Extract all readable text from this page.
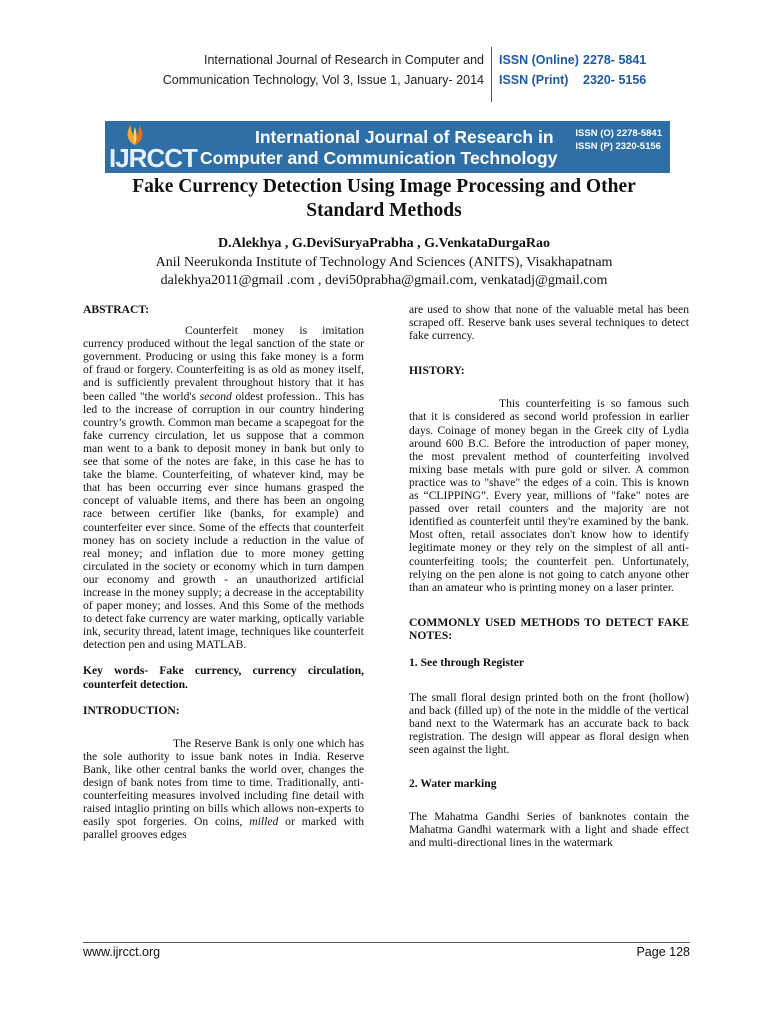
International Journal of Research in Computer and
Communication Technology, Vol 3, Issue 1, January- 2014
ISSN (Online) 2278- 5841
ISSN (Print) 2320- 5156
IJRCCT
International Journal of Research in
Computer and Communication Technology
ISSN (O) 2278-5841
ISSN (P) 2320-5156
Fake Currency Detection Using Image Processing and Other
Standard Methods
D.Alekhya , G.DeviSuryaPrabha , G.VenkataDurgaRao
Anil Neerukonda Institute of Technology And Sciences (ANITS), Visakhapatnam
dalekhya2011@gmail .com , devi50prabha@gmail.com, venkatadj@gmail.com

ABSTRACT:

Counterfeit money is imitation currency produced without the legal sanction of the state or government. Producing or using this fake money is a form of fraud or forgery. Counterfeiting is as old as money itself, and is sufficiently prevalent throughout history that it has been called "the world's second oldest profession.. This has led to the increase of corruption in our country hindering country’s growth. Common man became a scapegoat for the fake currency circulation, let us suppose that a common man went to a bank to deposit money in bank but only to see that some of the notes are fake, in this case he has to take the blame. Counterfeiting, of whatever kind, may be that has been occurring ever since humans grasped the concept of valuable items, and there has been an ongoing race between certifier like (banks, for example) and counterfeiter ever since. Some of the effects that counterfeit money has on society include a reduction in the value of real money; and inflation due to more money getting circulated in the society or economy which in turn dampen our economy and growth - an unauthorized artificial increase in the money supply; a decrease in the acceptability of paper money; and losses. And this Some of the methods to detect fake currency are water marking, optically variable ink, security thread, latent image, techniques like counterfeit detection pen and using MATLAB.

Key words- Fake currency, currency circulation, counterfeit detection.

INTRODUCTION:

The Reserve Bank is only one which has the sole authority to issue bank notes in India. Reserve Bank, like other central banks the world over, changes the design of bank notes from time to time. Traditionally, anti-counterfeiting measures involved including fine detail with raised intaglio printing on bills which allows non-experts to easily spot forgeries. On coins, milled or marked with parallel grooves edges

are used to show that none of the valuable metal has been scraped off. Reserve bank uses several techniques to detect fake currency.

HISTORY:

This counterfeiting is so famous such that it is considered as second world profession in earlier days. Coinage of money began in the Greek city of Lydia around 600 B.C. Before the introduction of paper money, the most prevalent method of counterfeiting involved mixing base metals with pure gold or silver. A common practice was to "shave" the edges of a coin. This is known as “CLIPPING”. Every year, millions of "fake" notes are passed over retail counters and the majority are not identified as counterfeit until they're examined by the bank. Most often, retail associates don't know how to identify legitimate money or they rely on the simplest of all anti-counterfeiting tools; the counterfeit pen. Unfortunately, relying on the pen alone is not going to catch anyone other than an amateur who is printing money on a laser printer.

COMMONLY USED METHODS TO DETECT FAKE NOTES:

1. See through Register

The small floral design printed both on the front (hollow) and back (filled up) of the note in the middle of the vertical band next to the Watermark has an accurate back to back registration. The design will appear as floral design when seen against the light.

2. Water marking

The Mahatma Gandhi Series of banknotes contain the Mahatma Gandhi watermark with a light and shade effect and multi-directional lines in the watermark

www.ijrcct.org	Page 128
